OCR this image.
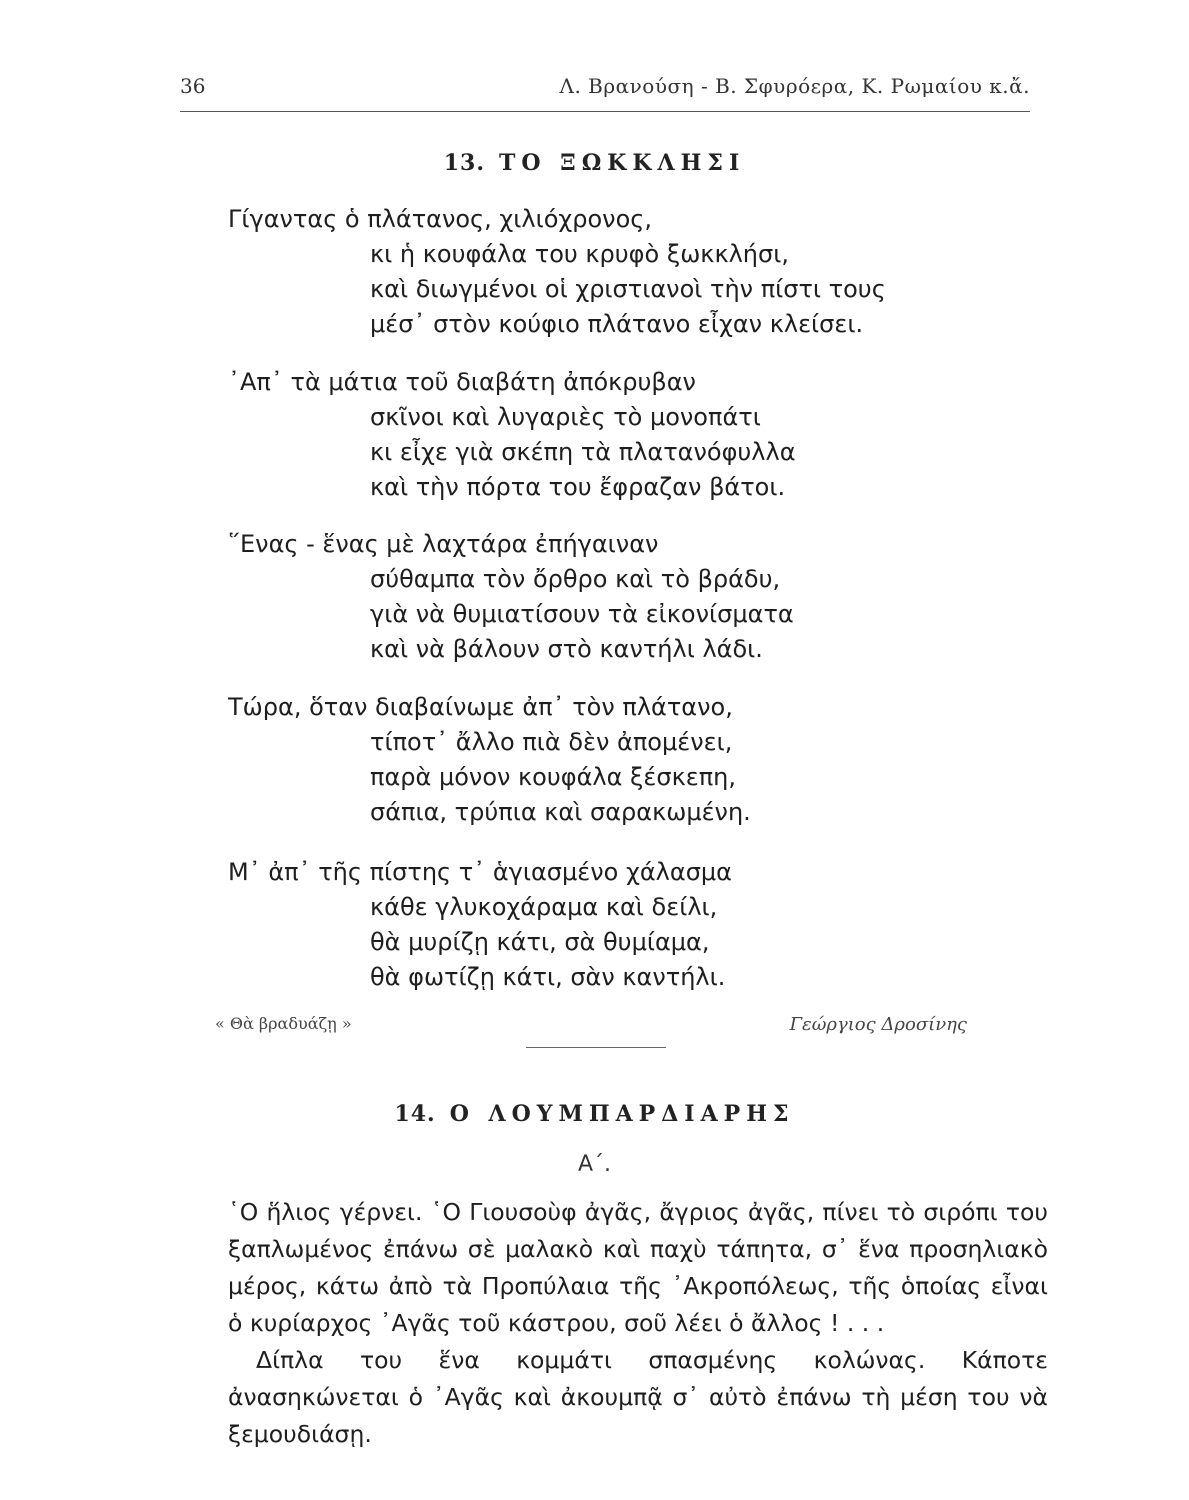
36	Λ. Βρανούση - Β. Σφυρόερα, Κ. Ρωμαίου κ.ἄ.
13. ΤΟ ΞΩΚΚΛΗΣΙ
Γίγαντας ὁ πλάτανος, χιλιόχρονος,
κι ἡ κουφάλα του κρυφὸ ξωκκλήσι,
καὶ διωγμένοι οἱ χριστιανοὶ τὴν πίστι τους
μέσ᾽ στὸν κούφιο πλάτανο εἶχαν κλείσει.
᾽Απ᾽ τὰ μάτια τοῦ διαβάτη ἀπόκρυβαν
σκῖνοι καὶ λυγαριὲς τὸ μονοπάτι
κι εἶχε γιὰ σκέπη τὰ πλατανόφυλλα
καὶ τὴν πόρτα του ἔφραζαν βάτοι.
῞Ενας - ἕνας μὲ λαχτάρα ἐπήγαιναν
σύθαμπα τὸν ὄρθρο καὶ τὸ βράδυ,
γιὰ νὰ θυμιατίσουν τὰ εἰκονίσματα
καὶ νὰ βάλουν στὸ καντήλι λάδι.
Τώρα, ὅταν διαβαίνωμε ἀπ᾽ τὸν πλάτανο,
τίποτ᾽ ἄλλο πιὰ δὲν ἀπομένει,
παρὰ μόνον κουφάλα ξέσκεπη,
σάπια, τρύπια καὶ σαρακωμένη.
Μ᾽ ἀπ᾽ τῆς πίστης τ᾽ ἁγιασμένο χάλασμα
κάθε γλυκοχάραμα καὶ δείλι,
θὰ μυρίζῃ κάτι, σὰ θυμίαμα,
θὰ φωτίζῃ κάτι, σὰν καντήλι.
« Θὰ βραδυάζῃ »	Γεώργιος Δροσίνης
14. Ο ΛΟΥΜΠΑΡΔΙΑΡΗΣ
Α΄.

῾Ο ἥλιος γέρνει. ῾Ο Γιουσοὺφ ἀγᾶς, ἄγριος ἀγᾶς, πίνει τὸ σιρόπι του ξαπλωμένος ἐπάνω σὲ μαλακὸ καὶ παχὺ τάπητα, σ᾽ ἕνα προσηλιακὸ μέρος, κάτω ἀπὸ τὰ Προπύλαια τῆς ᾽Ακροπόλεως, τῆς ὁποίας εἶναι ὁ κυρίαρχος ᾽Αγᾶς τοῦ κάστρου, σοῦ λέει ὁ ἄλλος ! . . .

Δίπλα του ἕνα κομμάτι σπασμένης κολώνας. Κάποτε ἀνασηκώνεται ὁ ᾽Αγᾶς καὶ ἀκουμπᾷ σ᾽ αὐτὸ ἐπάνω τὴ μέση του νὰ ξεμουδιάσῃ.
